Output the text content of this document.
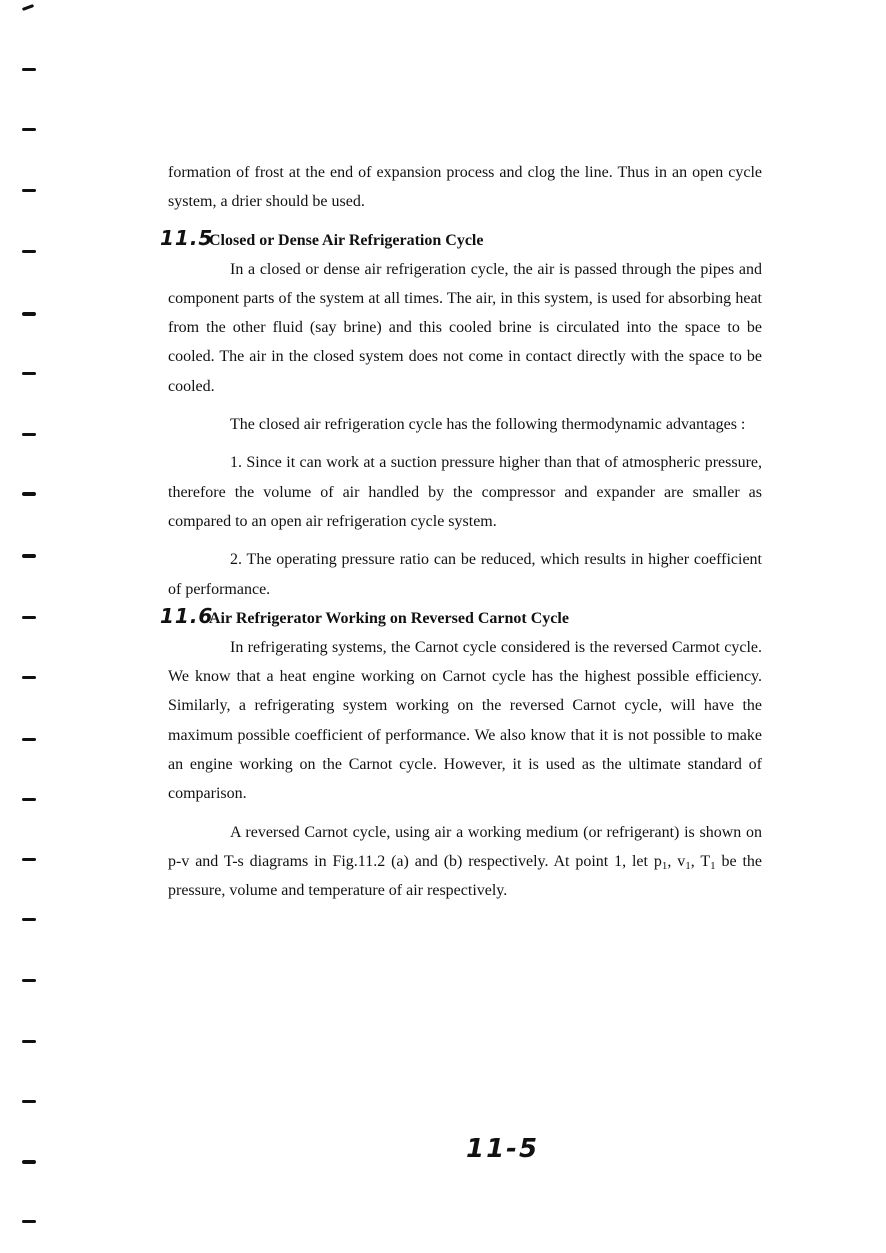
formation of frost at the end of expansion process and clog the line. Thus in an open cycle system, a drier should be used.

11.5
Closed or Dense Air Refrigeration Cycle

In a closed or dense air refrigeration cycle, the air is passed through the pipes and component parts of the system at all times. The air, in this system, is used for absorbing heat from the other fluid (say brine) and this cooled brine is circulated into the space to be cooled. The air in the closed system does not come in contact directly with the space to be cooled.

The closed air refrigeration cycle has the following thermodynamic advantages :

1. Since it can work at a suction pressure higher than that of atmospheric pressure, therefore the volume of air handled by the compressor and expander are smaller as compared to an open air refrigeration cycle system.

2. The operating pressure ratio can be reduced, which results in higher coefficient of performance.

11.6
Air Refrigerator Working on Reversed Carnot Cycle

In refrigerating systems, the Carnot cycle considered is the reversed Carmot cycle. We know that a heat engine working on Carnot cycle has the highest possible efficiency. Similarly, a refrigerating system working on the reversed Carnot cycle, will have the maximum possible coefficient of performance. We also know that it is not possible to make an engine working on the Carnot cycle. However, it is used as the ultimate standard of comparison.

A reversed Carnot cycle, using air a working medium (or refrigerant) is shown on p-v and T-s diagrams in Fig.11.2 (a) and (b) respectively. At point 1, let $p_1$, $v_1$, $T_1$ be the pressure, volume and temperature of air respectively.

11-5
